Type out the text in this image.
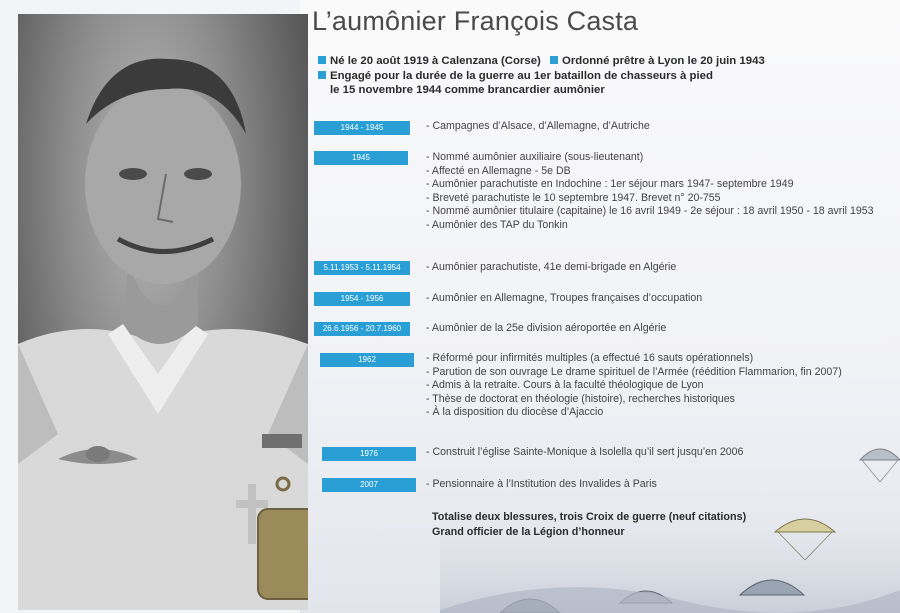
L’aumônier François Casta
Né le 20 août 1919 à Calenzana (Corse) Ordonné prêtre à Lyon le 20 juin 1943
Engagé pour la durée de la guerre au 1er bataillon de chasseurs à pied
le 15 novembre 1944 comme brancardier aumônier
1944 - 1945
1945
5.11.1953 - 5.11.1954
1954 - 1956
26.6.1956 - 20.7.1960
1962
1976
2007
- Campagnes d’Alsace, d’Allemagne, d’Autriche
- Nommé aumônier auxiliaire (sous-lieutenant)
- Affecté en Allemagne - 5e DB
- Aumônier parachutiste en Indochine : 1er séjour mars 1947- septembre 1949
- Breveté parachutiste le 10 septembre 1947. Brevet n° 20-755
- Nommé aumônier titulaire (capitaine) le 16 avril 1949 - 2e séjour : 18 avril 1950 - 18 avril 1953
- Aumônier des TAP du Tonkin
- Aumônier parachutiste, 41e demi-brigade en Algérie
- Aumônier en Allemagne, Troupes françaises d’occupation
- Aumônier de la 25e division aéroportée en Algérie
- Réformé pour infirmités multiples (a effectué 16 sauts opérationnels)
- Parution de son ouvrage Le drame spirituel de l’Armée (réédition Flammarion, fin 2007)
- Admis à la retraite. Cours à la faculté théologique de Lyon
- Thèse de doctorat en théologie (histoire), recherches historiques
- À la disposition du diocèse d’Ajaccio
- Construit l’église Sainte-Monique à Isolella qu’il sert jusqu’en 2006
- Pensionnaire à l’Institution des Invalides à Paris
Totalise deux blessures, trois Croix de guerre (neuf citations)
Grand officier de la Légion d’honneur
